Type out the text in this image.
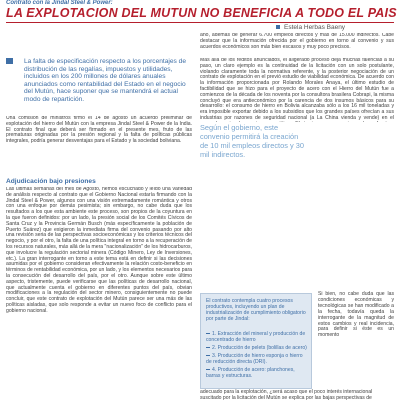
Contrato con la Jindal Steel & Power:
LA EXPLOTACION DEL MUTUN NO BENEFICIA A TODO EL PAIS
Estela Herbas Baeny
La falta de especificación respecto a los porcentajes de distribución de las regalías, impuestos y utilidades, incluidos en los 200 millones de dólares anuales anunciados como rentabilidad del Estado en el negocio del Mutún, hace suponer que se mantendrá el actual modo de repartición.
Una comisión de ministros firmó el 14 de agosto un acuerdo preliminar de explotación del hierro del Mutún con la empresa Jindal Steel & Power de la India. El contrato final que deberá ser firmado en el presente mes, fruto de las prematuras originadas por la presión regional y la falta de políticas públicas integrales, podría generar desventajas para el Estado y la sociedad boliviana.
Adjudicación bajo presiones
Las últimas semanas del mes de Agosto, hemos escuchado y leído una variedad de análisis respecto al contrato que el Gobierno Nacional estaría firmando con la Jindal Steel & Power, algunos con una visión extremadamente romántica y otros con una enfoque por demás pesimista; sin embargo, no cabe duda que los resultados a los que esta ambiente este proceso, son propios de la coyuntura en la que fueron definidos: por un lado, la presión social de los Comités Cívicos de Santa Cruz y la Provincia Germán Busch (más específicamente la población de Puerto Suárez) que exigieron la inmediata firma del convenio pasando por alto una revisión seria de las perspectivas socioeconómicas y los criterios técnicos del negocio, y por el otro, la falta de una política integral en torno a la recuperación de los recursos naturales, más allá de la mera "nacionalización" de los hidrocarburos, que involucre la regulación sectorial minera (Código Minero, Ley de Inversiones, etc.). La gran interrogante en torno a este tema está en definir si las decisiones asumidas por el gobierno consideran efectivamente la relación costo-beneficio en términos de rentabilidad económica, por un lado, y los elementos necesarios para la consecución del desarrollo del país, por el otro. Aunque sobre este último aspecto, tristemente, puede verificarse que las políticas de desarrollo nacional, que actualmente cuenta el gobierno en diferentes puntos del país, obvian modificaciones a la regulación del sector minero, consiguientemente no puede concluir, que este contrato de explotación del Mutún parece ser una más de las políticas aisladas, que solo responde a evitar un nuevo foco de conflicto para el gobierno nacional.
año, además de generar 6.700 empleos directos y más de 15.000 indirectos. Cabe destacar que la información ofrecida por el gobierno en torno al convenio y sus acuerdos económicos son más bien escasos y muy poco precisos.
Más allá de los réditos anunciados, el aligerado proceso deja muchas falencias a su paso, un claro ejemplo es la continuidad de la licitación con un solo postulante, violando claramente toda la normativa referente, y la posterior negociación de un contrato de explotación en el previó estudio de viabilidad económica. De acuerdo con la información proporcionada por Rolando Morales Anaya, el último estudio de factibilidad que se hizo para el proyecto de acero con el Hierro del Mutún fue a comienzos de la década de los noventa por la consultora brasilera Cobrapi, la misma concluyó que era antieconómico por la carencia de dos insumos básicos para su desarrollo: el consumo de hierro en Bolivia alcanzaba sólo a los 16 mil toneladas y era imposible exportar debido a los subsidios que los grandes países ofrecían a sus industrias por razones de seguridad nacional (a La China vienda y vende) en el
Según el gobierno, este convenio permitirá la creación de 10 mil empleos directos y 30 mil indirectos.
El contrato contempla cuatro procesos productivos, incluyendo un plan de industrialización de cumplimiento obligatorio por parte de Jindal:
1. Extracción del mineral y producción de concentrado de hierro
2. Producción de pelets (bolillas de acero)
3. Producción de hierro esponja o hierro de reducción directa (DRI).
4. Producción de acero: planchones, barras y estructuras.
Si bien, no cabe duda que las condiciones económicas y tecnológicas se han modificado a la fecha, todavía queda la interrogante de la magnitud de estos cambios y real incidencia, para definir si éste es un momento
adecuado para la explotación, ¿será acaso que el poco interés internacional suscitado por la licitación del Mutún se explica por las bajas perspectivas de
